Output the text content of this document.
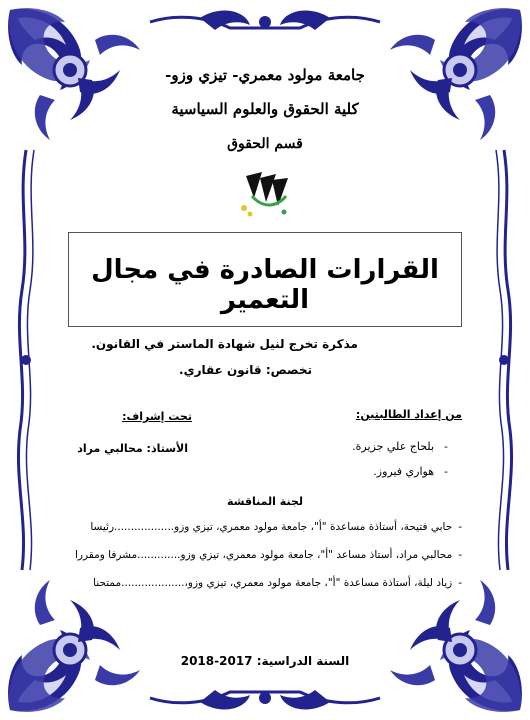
جامعة مولود معمري- تيزي وزو-
كلية الحقوق والعلوم السياسية
قسم الحقوق
القرارات الصادرة في مجال التعمير
مذكرة تخرج لنيل شهادة الماستر في القانون.
تخصص: قانون عقاري.
من إعداد الطالبتين:
-بلحاج علي جزيرة.
-هواري فيروز.
تحت إشراف:
الأستاذ: محالبي مراد
لجنة المناقشة
-حابي فتيحة، أستاذة مساعدة "أ"، جامعة مولود معمري، تيزي وزو..................رئيسا
-محالبي مراد، أستاذ مساعد "أ"، جامعة مولود معمري، تيزي وزو.............مشرفا ومقررا
-زياد ليلة، أستاذة مساعدة "أ"، جامعة مولود معمري، تيزي وزو،...................ممتحنا
السنة الدراسية: 2017-2018
